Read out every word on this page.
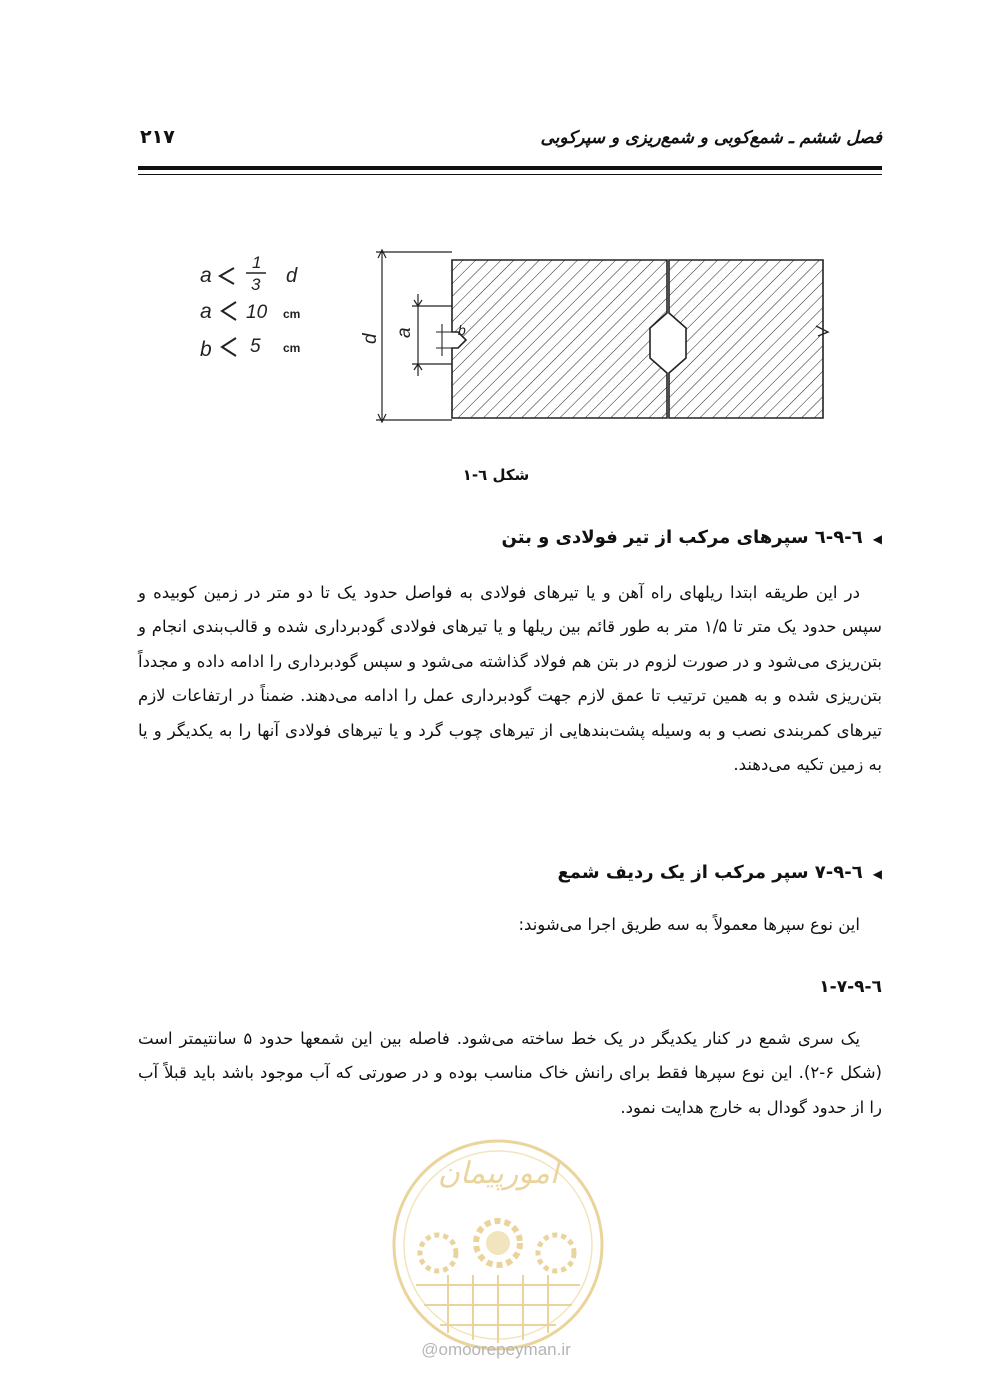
فصل ششم ـ شمع‌کوبی و شمع‌ریزی و سپرکوبی
۲۱۷
a
1
3 d
a 10 cm
b 5 cm
d
a	b
شکل ٦-١
◀٦-٩-٦ سپرهای مرکب از تیر فولادی و بتن
در این طریقه ابتدا ریلهای راه آهن و یا تیرهای فولادی به فواصل حدود یک تا دو متر در زمین کوبیده و سپس حدود یک متر تا ۱/۵ متر به طور قائم بین ریلها و یا تیرهای فولادی گودبرداری شده و قالب‌بندی انجام و بتن‌ریزی می‌شود و در صورت لزوم در بتن هم فولاد گذاشته می‌شود و سپس گودبرداری را ادامه داده و مجدداً بتن‌ریزی شده و به همین ترتیب تا عمق لازم جهت گودبرداری عمل را ادامه می‌دهند. ضمناً در ارتفاعات لازم تیرهای کمربندی نصب و به وسیله پشت‌بندهایی از تیرهای چوب گرد و یا تیرهای فولادی آنها را به یکدیگر و یا به زمین تکیه می‌دهند.
◀٦-٩-٧ سپر مرکب از یک ردیف شمع
این نوع سپرها معمولاً به سه طریق اجرا می‌شوند:
٦-٩-٧-١
یک سری شمع در کنار یکدیگر در یک خط ساخته می‌شود. فاصله بین این شمعها حدود ۵ سانتیمتر است (شکل ۶-۲). این نوع سپرها فقط برای رانش خاک مناسب بوده و در صورتی که آب موجود باشد باید قبلاً آب را از حدود گودال به خارج هدایت نمود.
امورپیمان
@omoorepeyman.ir
